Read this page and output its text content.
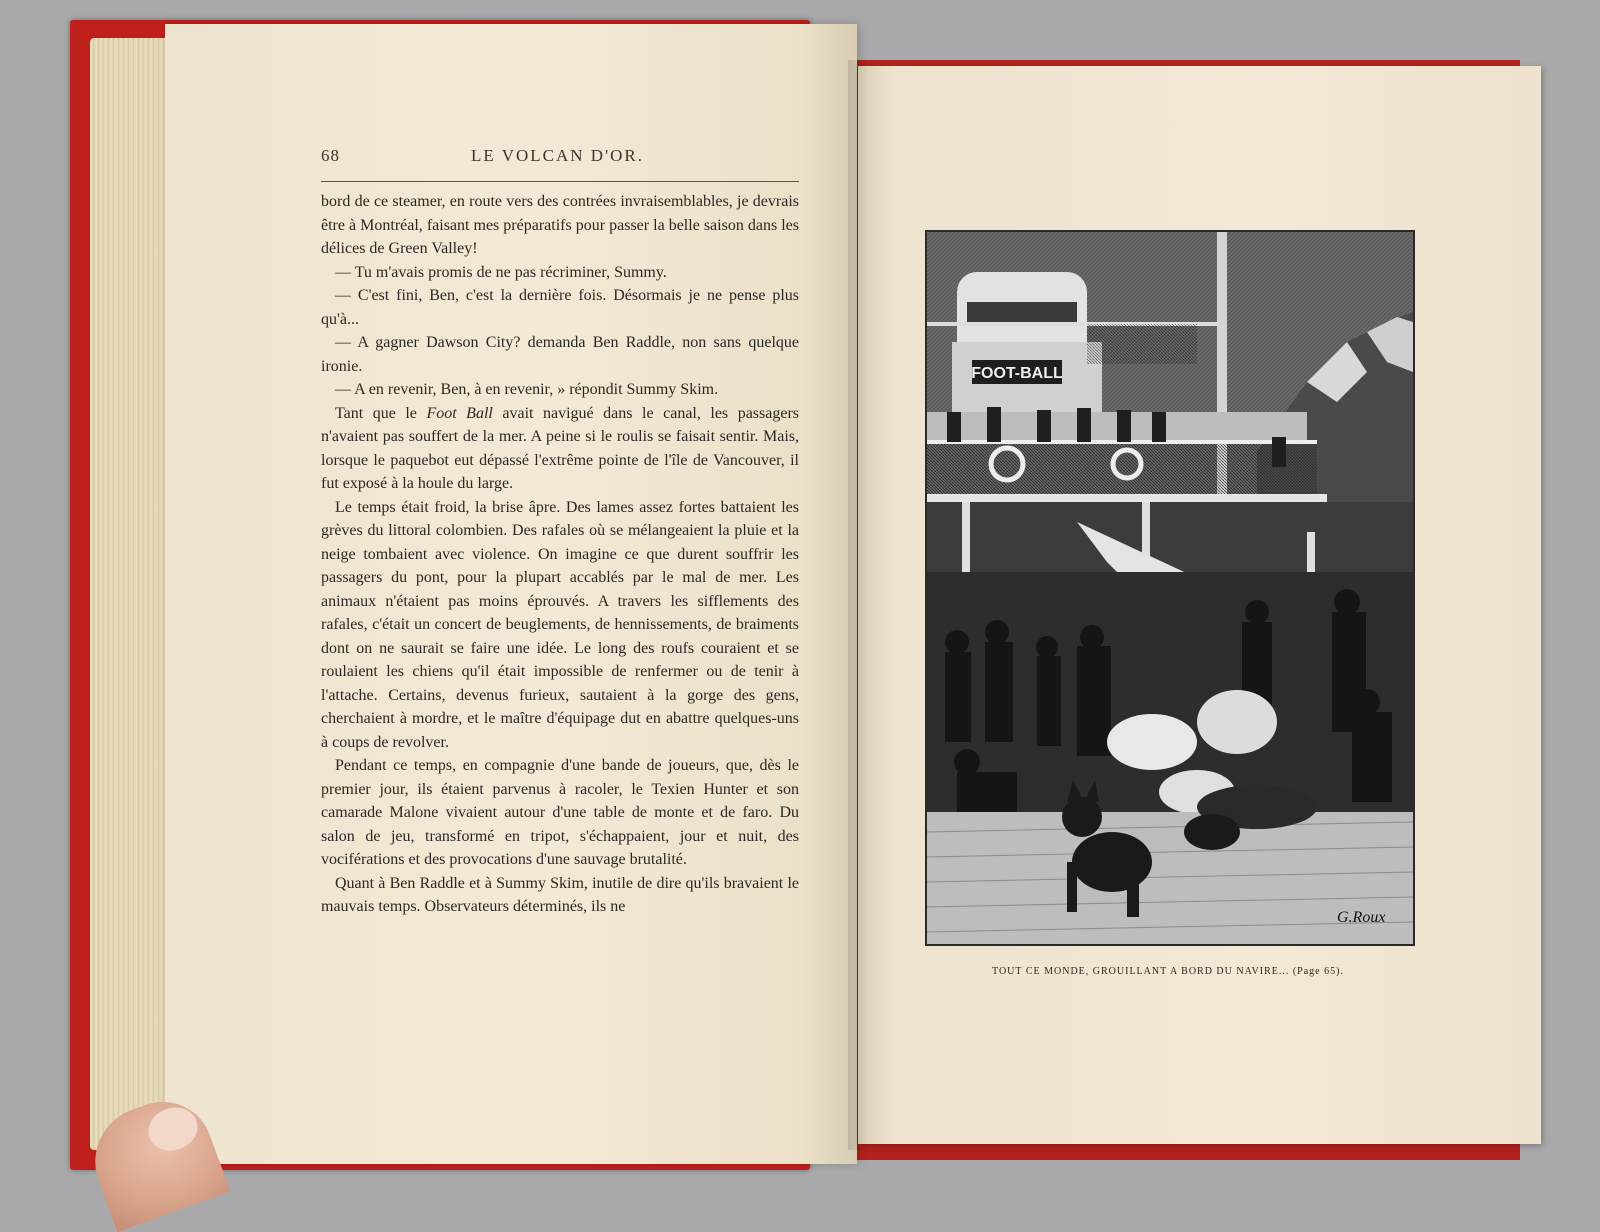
68	LE VOLCAN D'OR.

bord de ce steamer, en route vers des contrées invraisemblables, je devrais être à Montréal, faisant mes préparatifs pour passer la belle saison dans les délices de Green Valley!

— Tu m'avais promis de ne pas récriminer, Summy.

— C'est fini, Ben, c'est la dernière fois. Désormais je ne pense plus qu'à...

— A gagner Dawson City? demanda Ben Raddle, non sans quelque ironie.

— A en revenir, Ben, à en revenir, » répondit Summy Skim.

Tant que le Foot Ball avait navigué dans le canal, les passagers n'avaient pas souffert de la mer. A peine si le roulis se faisait sentir. Mais, lorsque le paquebot eut dépassé l'extrême pointe de l'île de Vancouver, il fut exposé à la houle du large.

Le temps était froid, la brise âpre. Des lames assez fortes battaient les grèves du littoral colombien. Des rafales où se mélangeaient la pluie et la neige tombaient avec violence. On imagine ce que durent souffrir les passagers du pont, pour la plupart accablés par le mal de mer. Les animaux n'étaient pas moins éprouvés. A travers les sifflements des rafales, c'était un concert de beuglements, de hennissements, de braiments dont on ne saurait se faire une idée. Le long des roufs couraient et se roulaient les chiens qu'il était impossible de renfermer ou de tenir à l'attache. Certains, devenus furieux, sautaient à la gorge des gens, cherchaient à mordre, et le maître d'équipage dut en abattre quelques-uns à coups de revolver.

Pendant ce temps, en compagnie d'une bande de joueurs, que, dès le premier jour, ils étaient parvenus à racoler, le Texien Hunter et son camarade Malone vivaient autour d'une table de monte et de faro. Du salon de jeu, transformé en tripot, s'échappaient, jour et nuit, des vociférations et des provocations d'une sauvage brutalité.

Quant à Ben Raddle et à Summy Skim, inutile de dire qu'ils bravaient le mauvais temps. Observateurs déterminés, ils ne

FOOT-BALL
G.Roux
TOUT CE MONDE, GROUILLANT A BORD DU NAVIRE... (Page 65).
